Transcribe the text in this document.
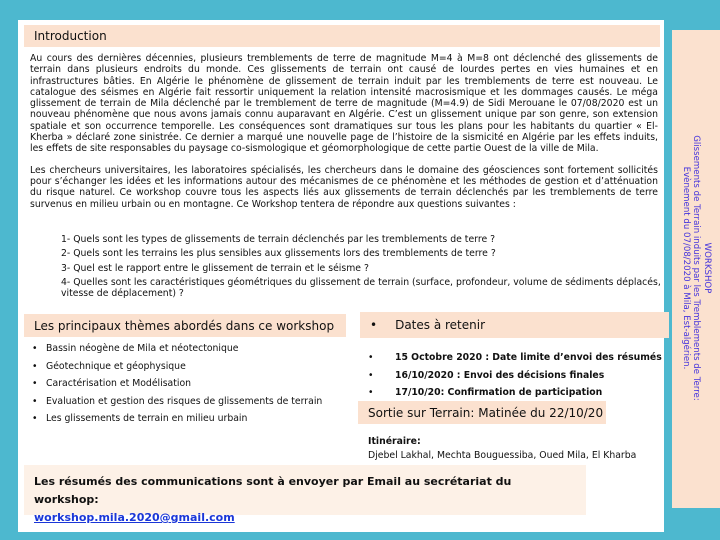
Introduction

Au cours des dernières décennies, plusieurs tremblements de terre de magnitude M=4 à M=8 ont déclenché des glissements de terrain dans plusieurs endroits du monde. Ces glissements de terrain ont causé de lourdes pertes en vies humaines et en infrastructures bâties. En Algérie le phénomène de glissement de terrain induit par les tremblements de terre est nouveau. Le catalogue des séismes en Algérie fait ressortir uniquement la relation intensité macrosismique et les dommages causés. Le méga glissement de terrain de Mila déclenché par le tremblement de terre de magnitude (M=4.9) de Sidi Merouane le 07/08/2020 est un nouveau phénomène que nous avons jamais connu auparavant en Algérie. C’est un glissement unique par son genre, son extension spatiale et son occurrence temporelle. Les conséquences sont dramatiques sur tous les plans pour les habitants du quartier « El-Kherba » déclaré zone sinistrée. Ce dernier a marqué une nouvelle page de l’histoire de la sismicité en Algérie par les effets induits, les effets de site responsables du paysage co-sismologique et géomorphologique de cette partie Ouest de la ville de Mila.

Les chercheurs universitaires, les laboratoires spécialisés, les chercheurs dans le domaine des géosciences sont fortement sollicités pour s’échanger les idées et les informations autour des mécanismes de ce phénomène et les méthodes de gestion et d’atténuation du risque naturel. Ce workshop couvre tous les aspects liés aux glissements de terrain déclenchés par les tremblements de terre survenus en milieu urbain ou en montagne. Ce Workshop tentera de répondre aux questions suivantes :

1- Quels sont les types de glissements de terrain déclenchés par les tremblements de terre ?
2- Quels sont les terrains les plus sensibles aux glissements lors des tremblements de terre ?
3- Quel est le rapport entre le glissement de terrain et le séisme ?
4- Quelles sont les caractéristiques géométriques du glissement de terrain (surface, profondeur, volume de sédiments déplacés, vitesse de déplacement) ?
Les principaux thèmes abordés dans ce workshop
• Bassin néogène de Mila et néotectonique
• Géotechnique et géophysique
• Caractérisation et Modélisation
• Evaluation et gestion des risques de glissements de terrain
• Les glissements de terrain en milieu urbain
• Dates à retenir
• 15 Octobre 2020 : Date limite d’envoi des résumés
• 16/10/2020 : Envoi des décisions finales
• 17/10/20: Confirmation de participation
Sortie sur Terrain: Matinée du 22/10/20
Itinéraire:
Djebel Lakhal, Mechta Bouguessiba, Oued Mila, El Kharba
Les résumés des communications sont à envoyer par Email au secrétariat du workshop:
workshop.mila.2020@gmail.com
WORKSHOP
Glissements de Terrain induits par les Tremblements de Terre:
Evènement du 07/08/2020 à Mila, Est-algérien.
